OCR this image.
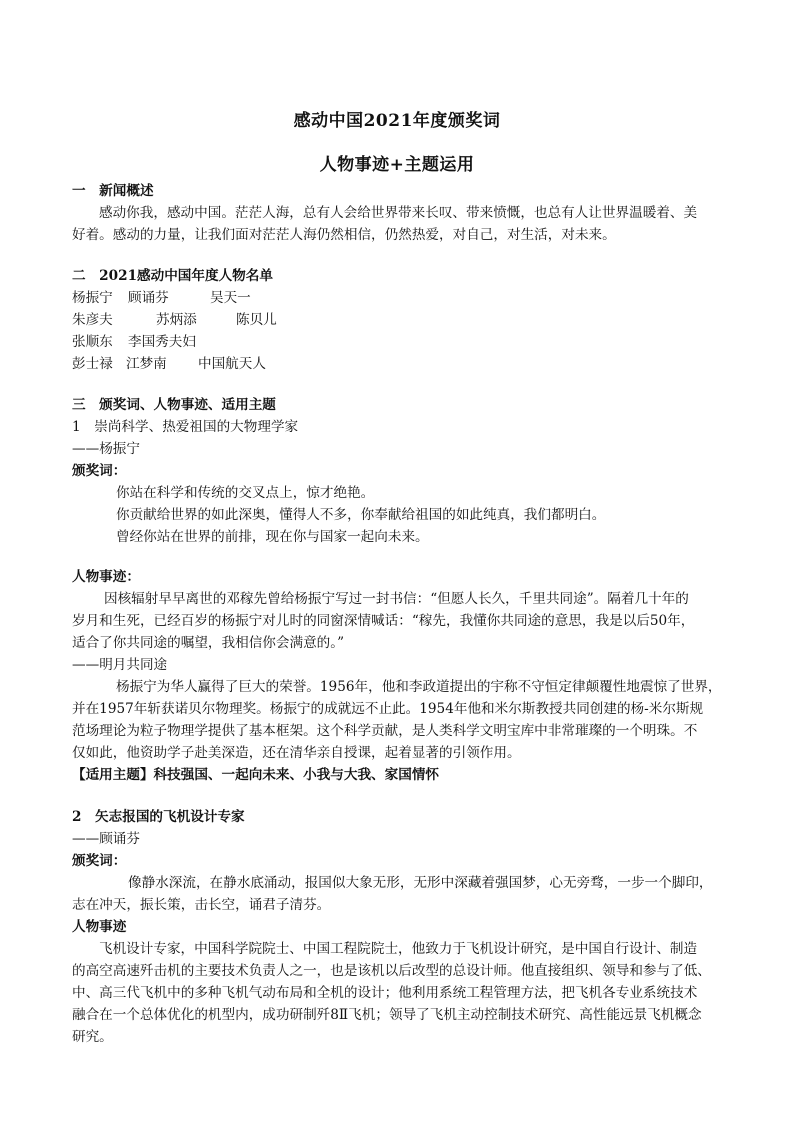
感动中国2021年度颁奖词
人物事迹+主题运用
一　新闻概述
感动你我，感动中国。茫茫人海，总有人会给世界带来长叹、带来愤慨，也总有人让世界温暖着、美
好着。感动的力量，让我们面对茫茫人海仍然相信，仍然热爱，对自己，对生活，对未来。
二　2021感动中国年度人物名单
杨振宁 顾诵芬	吴天一
朱彦夫	苏炳添	陈贝儿
张顺东 李国秀夫妇
彭士禄 江梦南 中国航天人
三　颁奖词、人物事迹、适用主题
1　崇尚科学、热爱祖国的大物理学家
——杨振宁
颁奖词：
你站在科学和传统的交叉点上，惊才绝艳。
你贡献给世界的如此深奥，懂得人不多，你奉献给祖国的如此纯真，我们都明白。
曾经你站在世界的前排，现在你与国家一起向未来。
人物事迹：
因核辐射早早离世的邓稼先曾给杨振宁写过一封书信：“但愿人长久，千里共同途”。隔着几十年的
岁月和生死，已经百岁的杨振宁对儿时的同窗深情喊话：“稼先，我懂你共同途的意思，我是以后50年，
适合了你共同途的嘱望，我相信你会满意的。”
——明月共同途
杨振宁为华人赢得了巨大的荣誉。1956年，他和李政道提出的宇称不守恒定律颠覆性地震惊了世界，
并在1957年斩获诺贝尔物理奖。杨振宁的成就远不止此。1954年他和米尔斯教授共同创建的杨-米尔斯规
范场理论为粒子物理学提供了基本框架。这个科学贡献，是人类科学文明宝库中非常璀璨的一个明珠。不
仅如此，他资助学子赴美深造，还在清华亲自授课，起着显著的引领作用。
【适用主题】科技强国、一起向未来、小我与大我、家国情怀
2　矢志报国的飞机设计专家
——顾诵芬
颁奖词：
像静水深流，在静水底涌动，报国似大象无形，无形中深藏着强国梦，心无旁骛，一步一个脚印，
志在冲天，振长策，击长空，诵君子清芬。
人物事迹
飞机设计专家，中国科学院院士、中国工程院院士，他致力于飞机设计研究，是中国自行设计、制造
的高空高速歼击机的主要技术负责人之一，也是该机以后改型的总设计师。他直接组织、领导和参与了低、
中、高三代飞机中的多种飞机气动布局和全机的设计；他利用系统工程管理方法，把飞机各专业系统技术
融合在一个总体优化的机型内，成功研制歼8Ⅱ飞机；领导了飞机主动控制技术研究、高性能远景飞机概念
研究。
